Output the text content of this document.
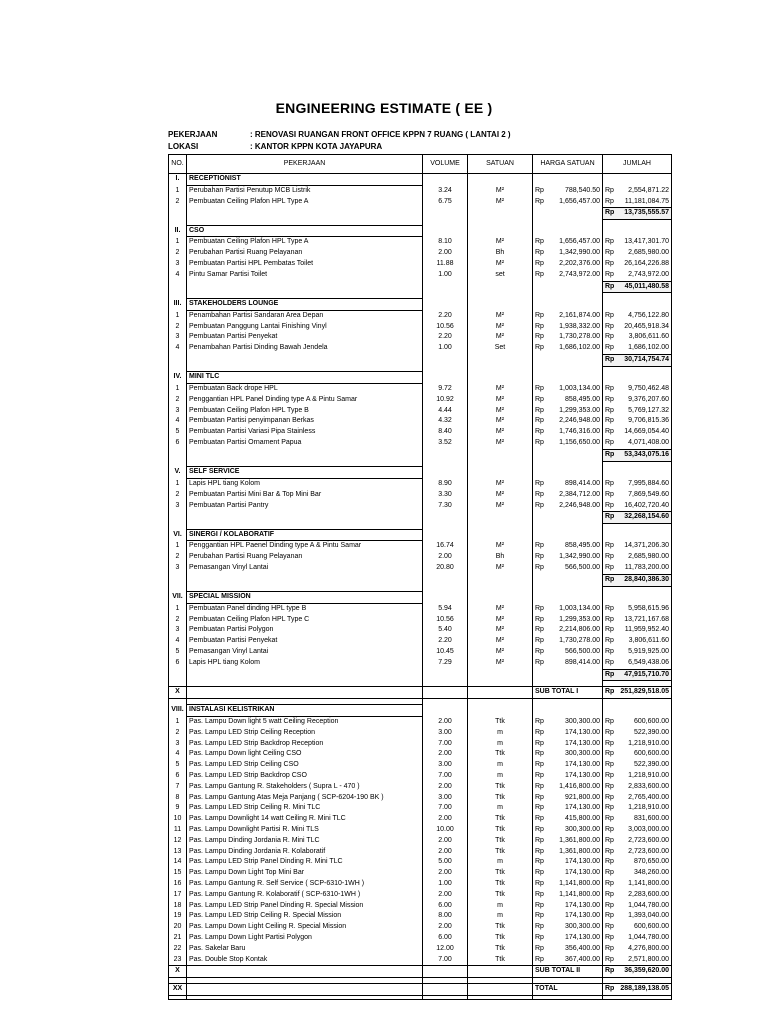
ENGINEERING ESTIMATE ( EE )
PEKERJAAN	: RENOVASI RUANGAN FRONT OFFICE KPPN 7 RUANG ( LANTAI 2 )
LOKASI	: KANTOR KPPN KOTA JAYAPURA
NO.	PEKERJAAN	VOLUME	SATUAN	HARGA SATUAN	JUMLAH
I.	RECEPTIONIST				
1	Perubahan Partisi Penutup MCB Listrik	3.24	M²	Rp 788,540.50	Rp 2,554,871.22

2	Pembuatan Ceiling Plafon HPL Type A	6.75	M²	Rp 1,656,457.00	Rp 11,181,084.75

					Rp 13,735,555.57

II.	CSO				
1	Pembuatan Ceiling Plafon HPL Type A	8.10	M²	Rp 1,656,457.00	Rp 13,417,301.70

2	Perubahan Partisi Ruang Pelayanan	2.00	Bh	Rp 1,342,990.00	Rp 2,685,980.00

3	Pembuatan Partisi HPL Pembatas Toilet	11.88	M²	Rp 2,202,376.00	Rp 26,164,226.88

4	Pintu Samar Partisi Toilet	1.00	set	Rp 2,743,972.00	Rp 2,743,972.00

					Rp 45,011,480.58

III.	STAKEHOLDERS LOUNGE				
1	Penambahan Partisi Sandaran Area Depan	2.20	M²	Rp 2,161,874.00	Rp 4,756,122.80

2	Pembuatan Panggung Lantai Finishing Vinyl	10.56	M²	Rp 1,938,332.00	Rp 20,465,918.34

3	Pembuatan Partisi Penyekat	2.20	M²	Rp 1,730,278.00	Rp 3,806,611.60

4	Penambahan Partisi Dinding Bawah Jendela	1.00	Set	Rp 1,686,102.00	Rp 1,686,102.00

					Rp 30,714,754.74

IV.	MINI TLC				
1	Pembuatan Back drope HPL	9.72	M²	Rp 1,003,134.00	Rp 9,750,462.48

2	Penggantian HPL Panel Dinding type A & Pintu Samar	10.92	M²	Rp 858,495.00	Rp 9,376,207.60

3	Pembuatan Ceiling Plafon HPL Type B	4.44	M²	Rp 1,299,353.00	Rp 5,769,127.32

4	Pembuatan Partisi penyimpanan Berkas	4.32	M²	Rp 2,246,948.00	Rp 9,706,815.36

5	Pembuatan Partisi Variasi Pipa Stainless	8.40	M²	Rp 1,746,316.00	Rp 14,669,054.40

6	Pembuatan Partisi Ornament Papua	3.52	M²	Rp 1,156,650.00	Rp 4,071,408.00

					Rp 53,343,075.16

V.	SELF SERVICE				
1	Lapis HPL tiang Kolom	8.90	M²	Rp 898,414.00	Rp 7,995,884.60

2	Pembuatan Partisi Mini Bar & Top Mini Bar	3.30	M²	Rp 2,384,712.00	Rp 7,869,549.60

3	Pembuatan Partisi Pantry	7.30	M²	Rp 2,246,948.00	Rp 16,402,720.40

					Rp 32,268,154.60

VI.	SINERGI / KOLABORATIF				
1	Penggantian HPL Paenel Dinding type A & Pintu Samar	16.74	M²	Rp 858,495.00	Rp 14,371,206.30

2	Perubahan Partisi Ruang Pelayanan	2.00	Bh	Rp 1,342,990.00	Rp 2,685,980.00

3	Pemasangan Vinyl Lantai	20.80	M²	Rp 566,500.00	Rp 11,783,200.00

					Rp 28,840,386.30

VII.	SPECIAL MISSION				
1	Pembuatan Panel dinding HPL type B	5.94	M²	Rp 1,003,134.00	Rp 5,958,615.96

2	Pembuatan Ceiling Plafon HPL Type C	10.56	M²	Rp 1,299,353.00	Rp 13,721,167.68

3	Pembuatan Partisi Polygon	5.40	M²	Rp 2,214,806.00	Rp 11,959,952.40

4	Pembuatan Partisi Penyekat	2.20	M²	Rp 1,730,278.00	Rp 3,806,611.60

5	Pemasangan Vinyl Lantai	10.45	M²	Rp 566,500.00	Rp 5,919,925.00

6	Lapis HPL tiang Kolom	7.29	M²	Rp 898,414.00	Rp 6,549,438.06

					Rp 47,915,710.70

X				SUB TOTAL I	Rp 251,829,518.05

VIII.	INSTALASI KELISTRIKAN				
1	Pas. Lampu Down light 5 watt Ceiling Reception	2.00	Ttk	Rp 300,300.00	Rp 600,600.00

2	Pas. Lampu LED Strip Ceiling Reception	3.00	m	Rp 174,130.00	Rp 522,390.00

3	Pas. Lampu LED Strip Backdrop Reception	7.00	m	Rp 174,130.00	Rp 1,218,910.00

4	Pas. Lampu Down light Ceiling CSO	2.00	Ttk	Rp 300,300.00	Rp 600,600.00

5	Pas. Lampu LED Strip Ceiling CSO	3.00	m	Rp 174,130.00	Rp 522,390.00

6	Pas. Lampu LED Strip Backdrop CSO	7.00	m	Rp 174,130.00	Rp 1,218,910.00

7	Pas. Lampu Gantung R. Stakeholders ( Supra L - 470 )	2.00	Ttk	Rp 1,416,800.00	Rp 2,833,600.00

8	Pas. Lampu Gantung Atas Meja Panjang ( SCP-6204-190 BK )	3.00	Ttk	Rp 921,800.00	Rp 2,765,400.00

9	Pas. Lampu LED Strip Ceiling R. Mini TLC	7.00	m	Rp 174,130.00	Rp 1,218,910.00

10	Pas. Lampu Downlight 14 watt Ceiling R. Mini TLC	2.00	Ttk	Rp 415,800.00	Rp 831,600.00

11	Pas. Lampu Downlight Partisi R. Mini TLS	10.00	Ttk	Rp 300,300.00	Rp 3,003,000.00

12	Pas. Lampu Dinding Jordania R. Mini TLC	2.00	Ttk	Rp 1,361,800.00	Rp 2,723,600.00

13	Pas. Lampu Dinding Jordania R. Kolaboratif	2.00	Ttk	Rp 1,361,800.00	Rp 2,723,600.00

14	Pas. Lampu LED Strip Panel Dinding R. Mini TLC	5.00	m	Rp 174,130.00	Rp 870,650.00

15	Pas. Lampu Down Light Top Mini Bar	2.00	Ttk	Rp 174,130.00	Rp 348,260.00

16	Pas. Lampu Gantung R. Self Service ( SCP-6310-1WH )	1.00	Ttk	Rp 1,141,800.00	Rp 1,141,800.00

17	Pas. Lampu Gantung R. Kolaboratif ( SCP-6310-1WH )	2.00	Ttk	Rp 1,141,800.00	Rp 2,283,600.00

18	Pas. Lampu LED Strip Panel Dinding R. Special Mission	6.00	m	Rp 174,130.00	Rp 1,044,780.00

19	Pas. Lampu LED Strip Ceiling R. Special Mission	8.00	m	Rp 174,130.00	Rp 1,393,040.00

20	Pas. Lampu Down Light Ceiling R. Special Mission	2.00	Ttk	Rp 300,300.00	Rp 600,600.00

21	Pas. Lampu Down Light Partisi Polygon	6.00	Ttk	Rp 174,130.00	Rp 1,044,780.00

22	Pas. Sakelar Baru	12.00	Ttk	Rp 356,400.00	Rp 4,276,800.00

23	Pas. Double Stop Kontak	7.00	Ttk	Rp 367,400.00	Rp 2,571,800.00

X				SUB TOTAL II	Rp 36,359,620.00

XX				TOTAL	Rp 288,189,138.05
